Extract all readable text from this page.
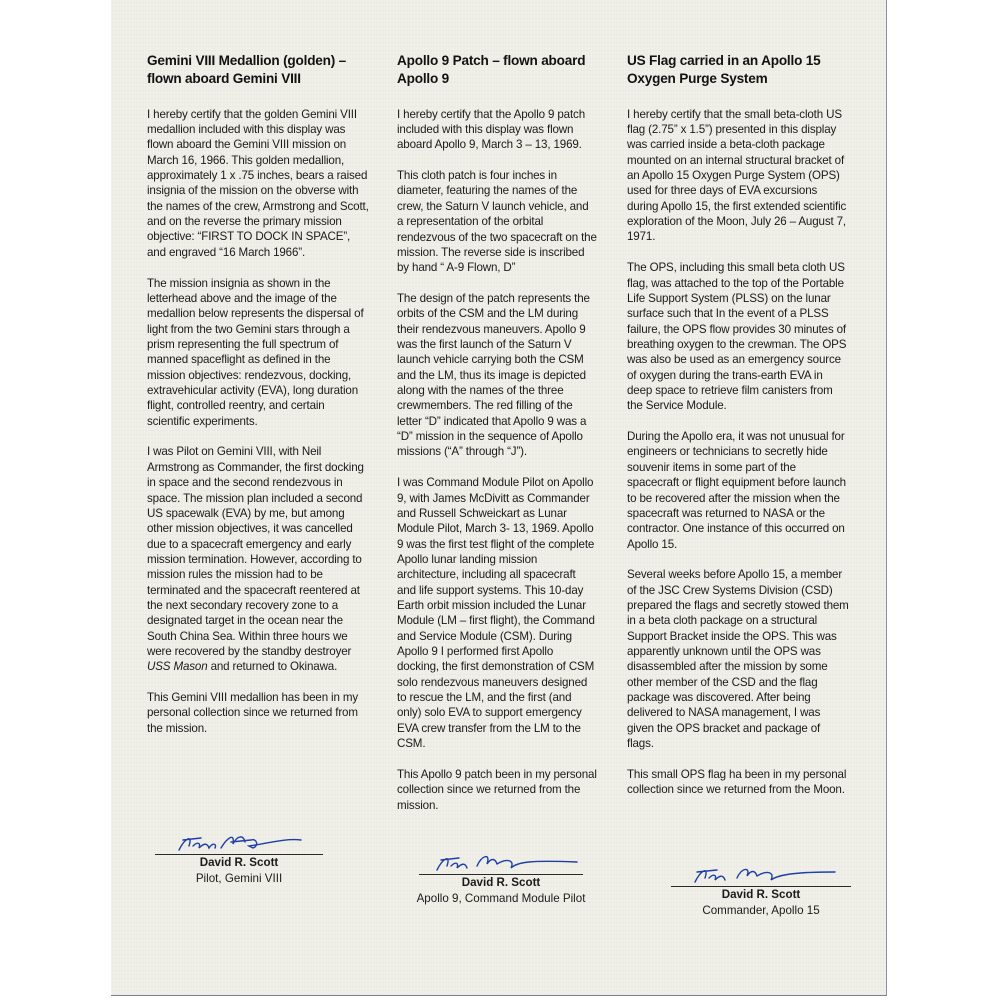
Gemini VIII Medallion (golden) – flown aboard Gemini VIII

I hereby certify that the golden Gemini VIII medallion included with this display was flown aboard the Gemini VIII mission on March 16, 1966. This golden medallion, approximately 1 x .75 inches, bears a raised insignia of the mission on the obverse with the names of the crew, Armstrong and Scott, and on the reverse the primary mission objective: “FIRST TO DOCK IN SPACE”, and engraved “16 March 1966”.

The mission insignia as shown in the letterhead above and the image of the medallion below represents the dispersal of light from the two Gemini stars through a prism representing the full spectrum of manned spaceflight as defined in the mission objectives: rendezvous, docking, extravehicular activity (EVA), long duration flight, controlled reentry, and certain scientific experiments.

I was Pilot on Gemini VIII, with Neil Armstrong as Commander, the first docking in space and the second rendezvous in space. The mission plan included a second US spacewalk (EVA) by me, but among other mission objectives, it was cancelled due to a spacecraft emergency and early mission termination. However, according to mission rules the mission had to be terminated and the spacecraft reentered at the next secondary recovery zone to a designated target in the ocean near the South China Sea. Within three hours we were recovered by the standby destroyer USS Mason and returned to Okinawa.

This Gemini VIII medallion has been in my personal collection since we returned from the mission.

David R. Scott
Pilot, Gemini VIII
Apollo 9 Patch – flown aboard Apollo 9

I hereby certify that the Apollo 9 patch included with this display was flown aboard Apollo 9, March 3 – 13, 1969.

This cloth patch is four inches in diameter, featuring the names of the crew, the Saturn V launch vehicle, and a representation of the orbital rendezvous of the two spacecraft on the mission. The reverse side is inscribed by hand “ A-9 Flown, D”

The design of the patch represents the orbits of the CSM and the LM during their rendezvous maneuvers. Apollo 9 was the first launch of the Saturn V launch vehicle carrying both the CSM and the LM, thus its image is depicted along with the names of the three crewmembers. The red filling of the letter “D” indicated that Apollo 9 was a “D” mission in the sequence of Apollo missions (“A” through “J”).

I was Command Module Pilot on Apollo 9, with James McDivitt as Commander and Russell Schweickart as Lunar Module Pilot, March 3- 13, 1969. Apollo 9 was the first test flight of the complete Apollo lunar landing mission architecture, including all spacecraft and life support systems. This 10-day Earth orbit mission included the Lunar Module (LM – first flight), the Command and Service Module (CSM). During Apollo 9 I performed first Apollo docking, the first demonstration of CSM solo rendezvous maneuvers designed to rescue the LM, and the first (and only) solo EVA to support emergency EVA crew transfer from the LM to the CSM.

This Apollo 9 patch been in my personal collection since we returned from the mission.

David R. Scott
Apollo 9, Command Module Pilot
US Flag carried in an Apollo 15 Oxygen Purge System

I hereby certify that the small beta-cloth US flag (2.75” x 1.5”) presented in this display was carried inside a beta-cloth package mounted on an internal structural bracket of an Apollo 15 Oxygen Purge System (OPS) used for three days of EVA excursions during Apollo 15, the first extended scientific exploration of the Moon, July 26 – August 7, 1971.

The OPS, including this small beta cloth US flag, was attached to the top of the Portable Life Support System (PLSS) on the lunar surface such that In the event of a PLSS failure, the OPS flow provides 30 minutes of breathing oxygen to the crewman. The OPS was also be used as an emergency source of oxygen during the trans-earth EVA in deep space to retrieve film canisters from the Service Module.

During the Apollo era, it was not unusual for engineers or technicians to secretly hide souvenir items in some part of the spacecraft or flight equipment before launch to be recovered after the mission when the spacecraft was returned to NASA or the contractor. One instance of this occurred on Apollo 15.

Several weeks before Apollo 15, a member of the JSC Crew Systems Division (CSD) prepared the flags and secretly stowed them in a beta cloth package on a structural Support Bracket inside the OPS. This was apparently unknown until the OPS was disassembled after the mission by some other member of the CSD and the flag package was discovered. After being delivered to NASA management, I was given the OPS bracket and package of flags.

This small OPS flag ha been in my personal collection since we returned from the Moon.

David R. Scott
Commander, Apollo 15
